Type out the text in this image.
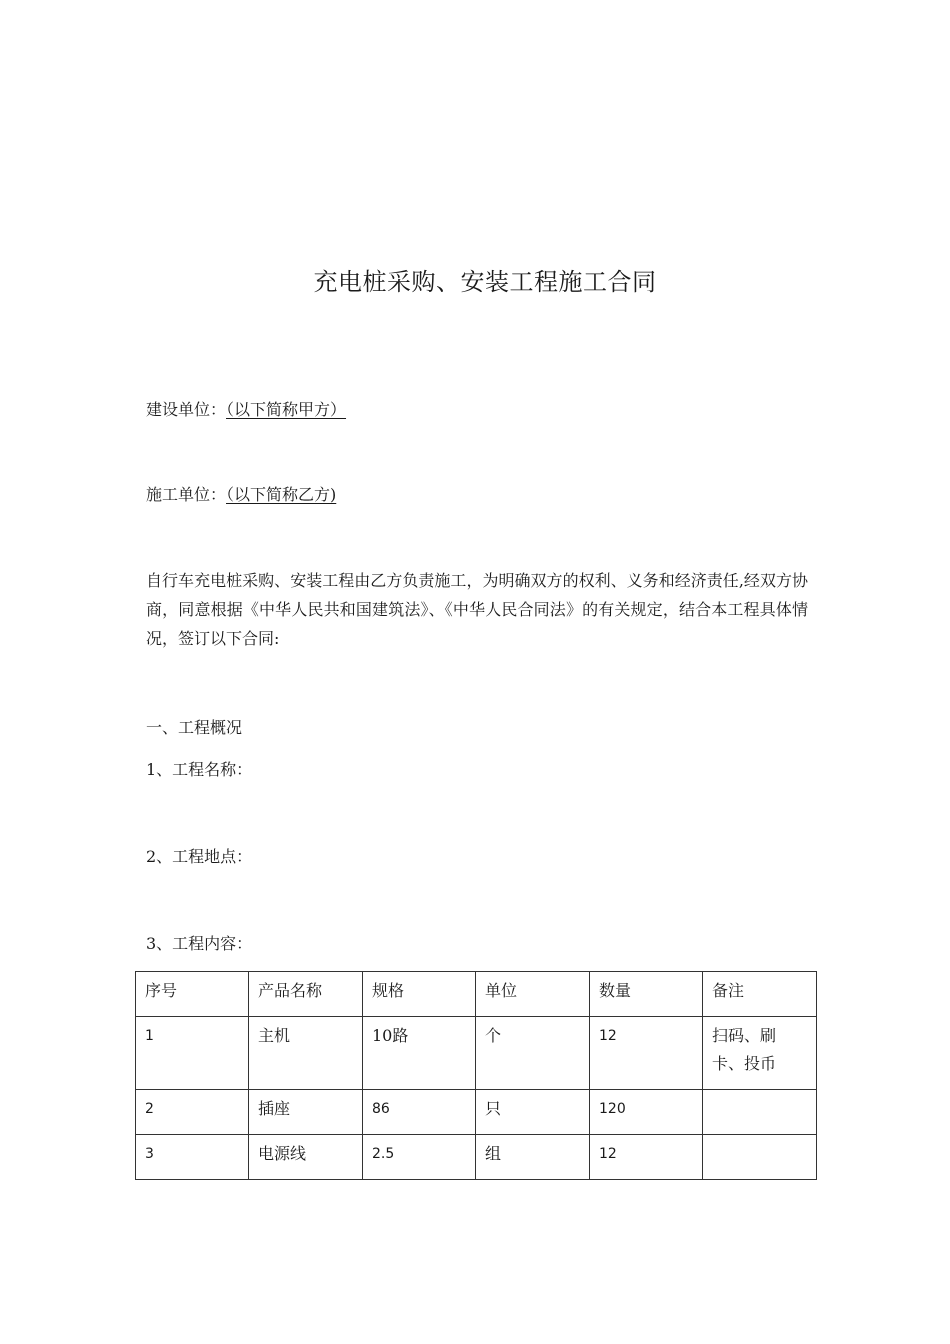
充电桩采购、安装工程施工合同
建设单位：（以下简称甲方）
施工单位：（以下简称乙方)
自行车充电桩采购、安装工程由乙方负责施工，为明确双方的权利、义务和经济责任,经双方协商，同意根据《中华人民共和国建筑法》、《中华人民合同法》的有关规定，结合本工程具体情况，签订以下合同:
一、工程概况
1、工程名称：
2、工程地点：
3、工程内容：
序号	产品名称	规格	单位	数量	备注
1	主机	10路	个	12	扫码、刷卡、投币
2	插座	86	只	120	
3	电源线	2.5	组	12	
